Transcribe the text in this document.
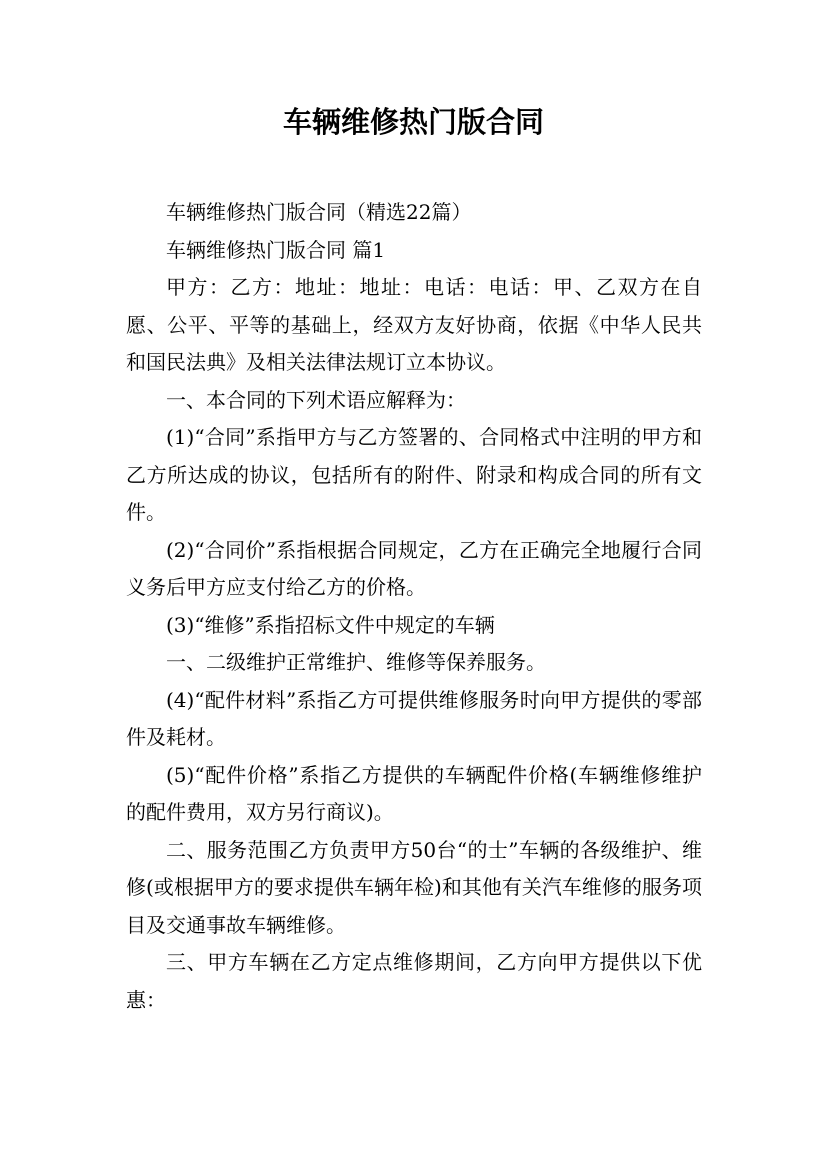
车辆维修热门版合同

车辆维修热门版合同（精选22篇）

车辆维修热门版合同 篇1

甲方：乙方：地址：地址：电话：电话：甲、乙双方在自愿、公平、平等的基础上，经双方友好协商，依据《中华人民共和国民法典》及相关法律法规订立本协议。

一、本合同的下列术语应解释为：

(1)“合同”系指甲方与乙方签署的、合同格式中注明的甲方和乙方所达成的协议，包括所有的附件、附录和构成合同的所有文件。

(2)“合同价”系指根据合同规定，乙方在正确完全地履行合同义务后甲方应支付给乙方的价格。

(3)“维修”系指招标文件中规定的车辆

一、二级维护正常维护、维修等保养服务。

(4)“配件材料”系指乙方可提供维修服务时向甲方提供的零部件及耗材。

(5)“配件价格”系指乙方提供的车辆配件价格(车辆维修维护的配件费用，双方另行商议)。

二、服务范围乙方负责甲方50台“的士”车辆的各级维护、维修(或根据甲方的要求提供车辆年检)和其他有关汽车维修的服务项目及交通事故车辆维修。

三、甲方车辆在乙方定点维修期间，乙方向甲方提供以下优惠：
